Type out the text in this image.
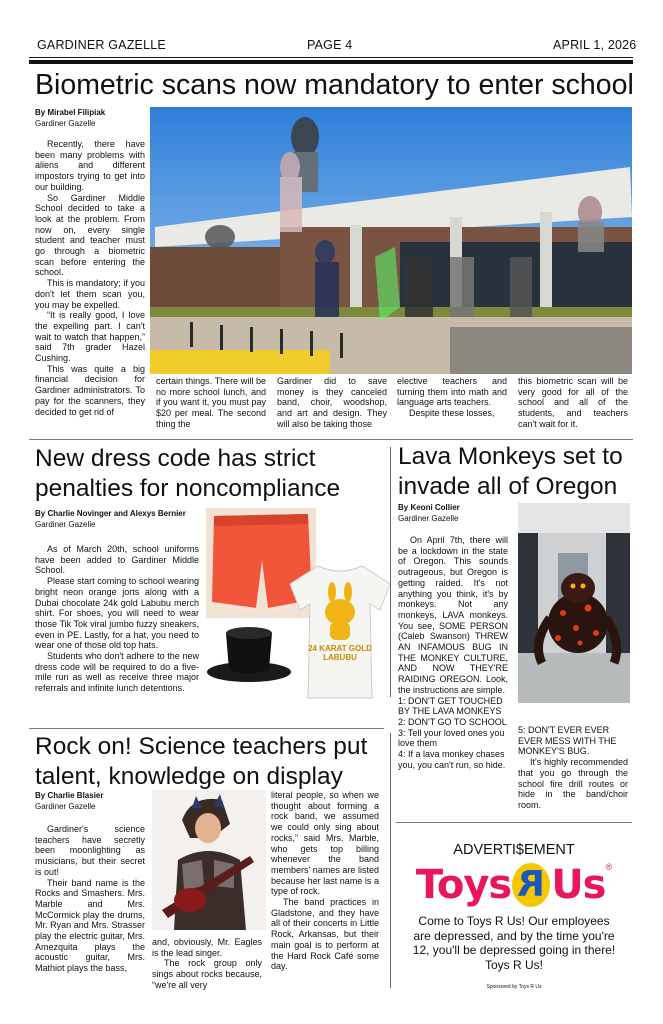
GARDINER GAZELLE	PAGE 4	APRIL 1, 2026
Biometric scans now mandatory to enter school
By Mirabel Filipiak
Gardiner Gazelle

Recently, there have been many problems with aliens and different impostors trying to get into our building.

So Gardiner Middle School decided to take a look at the problem. From now on, every single student and teacher must go through a biometric scan before entering the school.

This is mandatory; if you don't let them scan you, you may be expelled.

“It is really good, I love the expelling part. I can't wait to watch that happen,” said 7th grader Hazel Cushing.

This was quite a big financial decision for Gardiner administrators. To pay for the scanners, they decided to get rid of

certain things. There will be no more school lunch, and if you want it, you must pay $20 per meal. The second thing the
Gardiner did to save money is they canceled band, choir, woodshop, and art and design. They will also be taking those

elective teachers and turning them into math and language arts teachers.

Despite these losses,

this biometric scan will be very good for all of the school and all of the students, and teachers can't wait for it.
New dress code has strict penalties for noncompliance
By Charlie Novinger and Alexys Bernier
Gardiner Gazelle

As of March 20th, school uniforms have been added to Gardiner Middle School.

Please start coming to school wearing bright neon orange jorts along with a Dubai chocolate 24k gold Labubu merch shirt. For shoes, you will need to wear those Tik Tok viral jumbo fuzzy sneakers, even in PE. Lastly, for a hat, you need to wear one of those old top hats.

Students who don't adhere to the new dress code will be required to do a five-mile run as well as receive three major referrals and infinite lunch detentions.

24 KARAT GOLD LABUBU
Lava Monkeys set to invade all of Oregon
By Keoni Collier
Gardiner Gazelle

On April 7th, there will be a lockdown in the state of Oregon. This sounds outrageous, but Oregon is getting raided. It's not anything you think, it's by monkeys. Not any monkeys, LAVA monkeys. You see, SOME PERSON (Caleb Swanson) THREW AN INFAMOUS BUG IN THE MONKEY CULTURE, AND NOW THEY'RE RAIDING OREGON. Look, the instructions are simple.

1: DON'T GET TOUCHED BY THE LAVA MONKEYS
2: DON'T GO TO SCHOOL
3: Tell your loved ones you love them
4: If a lava monkey chases you, you can't run, so hide.
5: DON'T EVER EVER EVER MESS WITH THE MONKEY'S BUG.

It's highly recommended that you go through the school fire drill routes or hide in the band/choir room.

Rock on! Science teachers put talent, knowledge on display
By Charlie Blasier
Gardiner Gazelle

Gardiner's science teachers have secretly been moonlighting as musicians, but their secret is out!

Their band name is the Rocks and Smashers. Mrs. Marble and Mrs. McCormick play the drums, Mr. Ryan and Mrs. Strasser play the electric guitar, Mrs. Amezquita plays the acoustic guitar, Mrs. Mathiot plays the bass,

and, obviously, Mr. Eagles is the lead singer.

The rock group only sings about rocks because, “we're all very

literal people, so when we thought about forming a rock band, we assumed we could only sing about rocks,” said Mrs. Marble, who gets top billing whenever the band members' names are listed because her last name is a type of rock.

The band practices in Gladstone, and they have all of their concerts in Little Rock, Arkansas, but their main goal is to perform at the Hard Rock Café some day.

ADVERTI$EMENT
Toys R Us®
Come to Toys R Us! Our employees are depressed, and by the time you're 12, you'll be depressed going in there! Toys R Us!
Sponsored by Toys R Us
